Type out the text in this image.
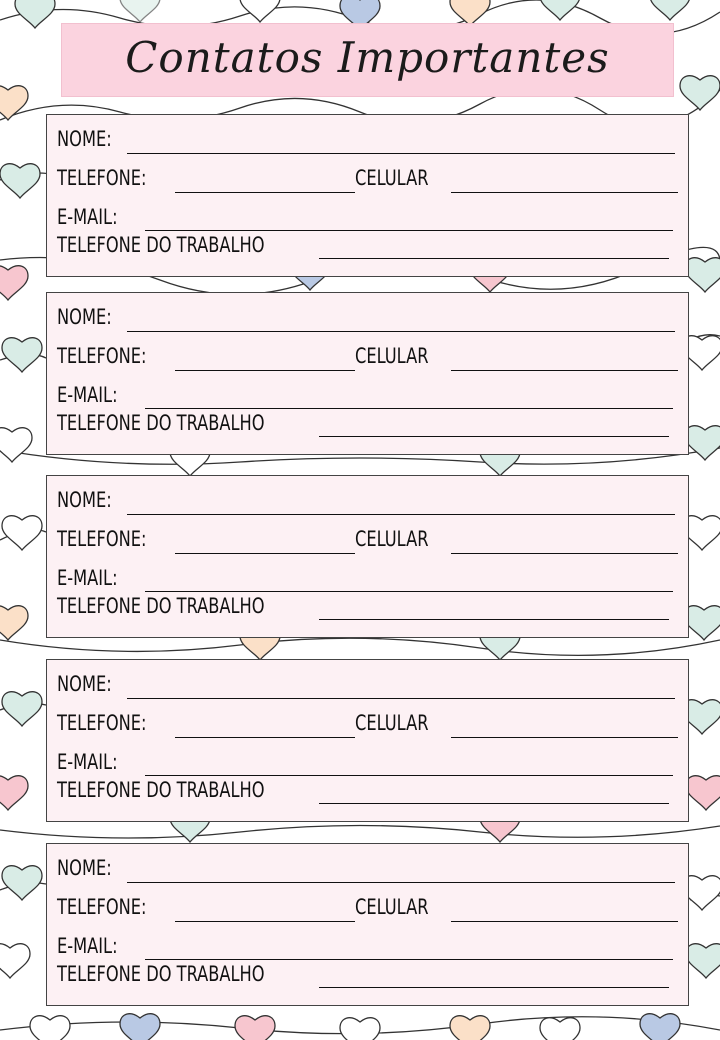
Contatos Importantes
NOME:
TELEFONE:	CELULAR
E-MAIL:
TELEFONE DO TRABALHO
NOME:
TELEFONE:	CELULAR
E-MAIL:
TELEFONE DO TRABALHO
NOME:
TELEFONE:	CELULAR
E-MAIL:
TELEFONE DO TRABALHO
NOME:
TELEFONE:	CELULAR
E-MAIL:
TELEFONE DO TRABALHO
NOME:
TELEFONE:	CELULAR
E-MAIL:
TELEFONE DO TRABALHO
